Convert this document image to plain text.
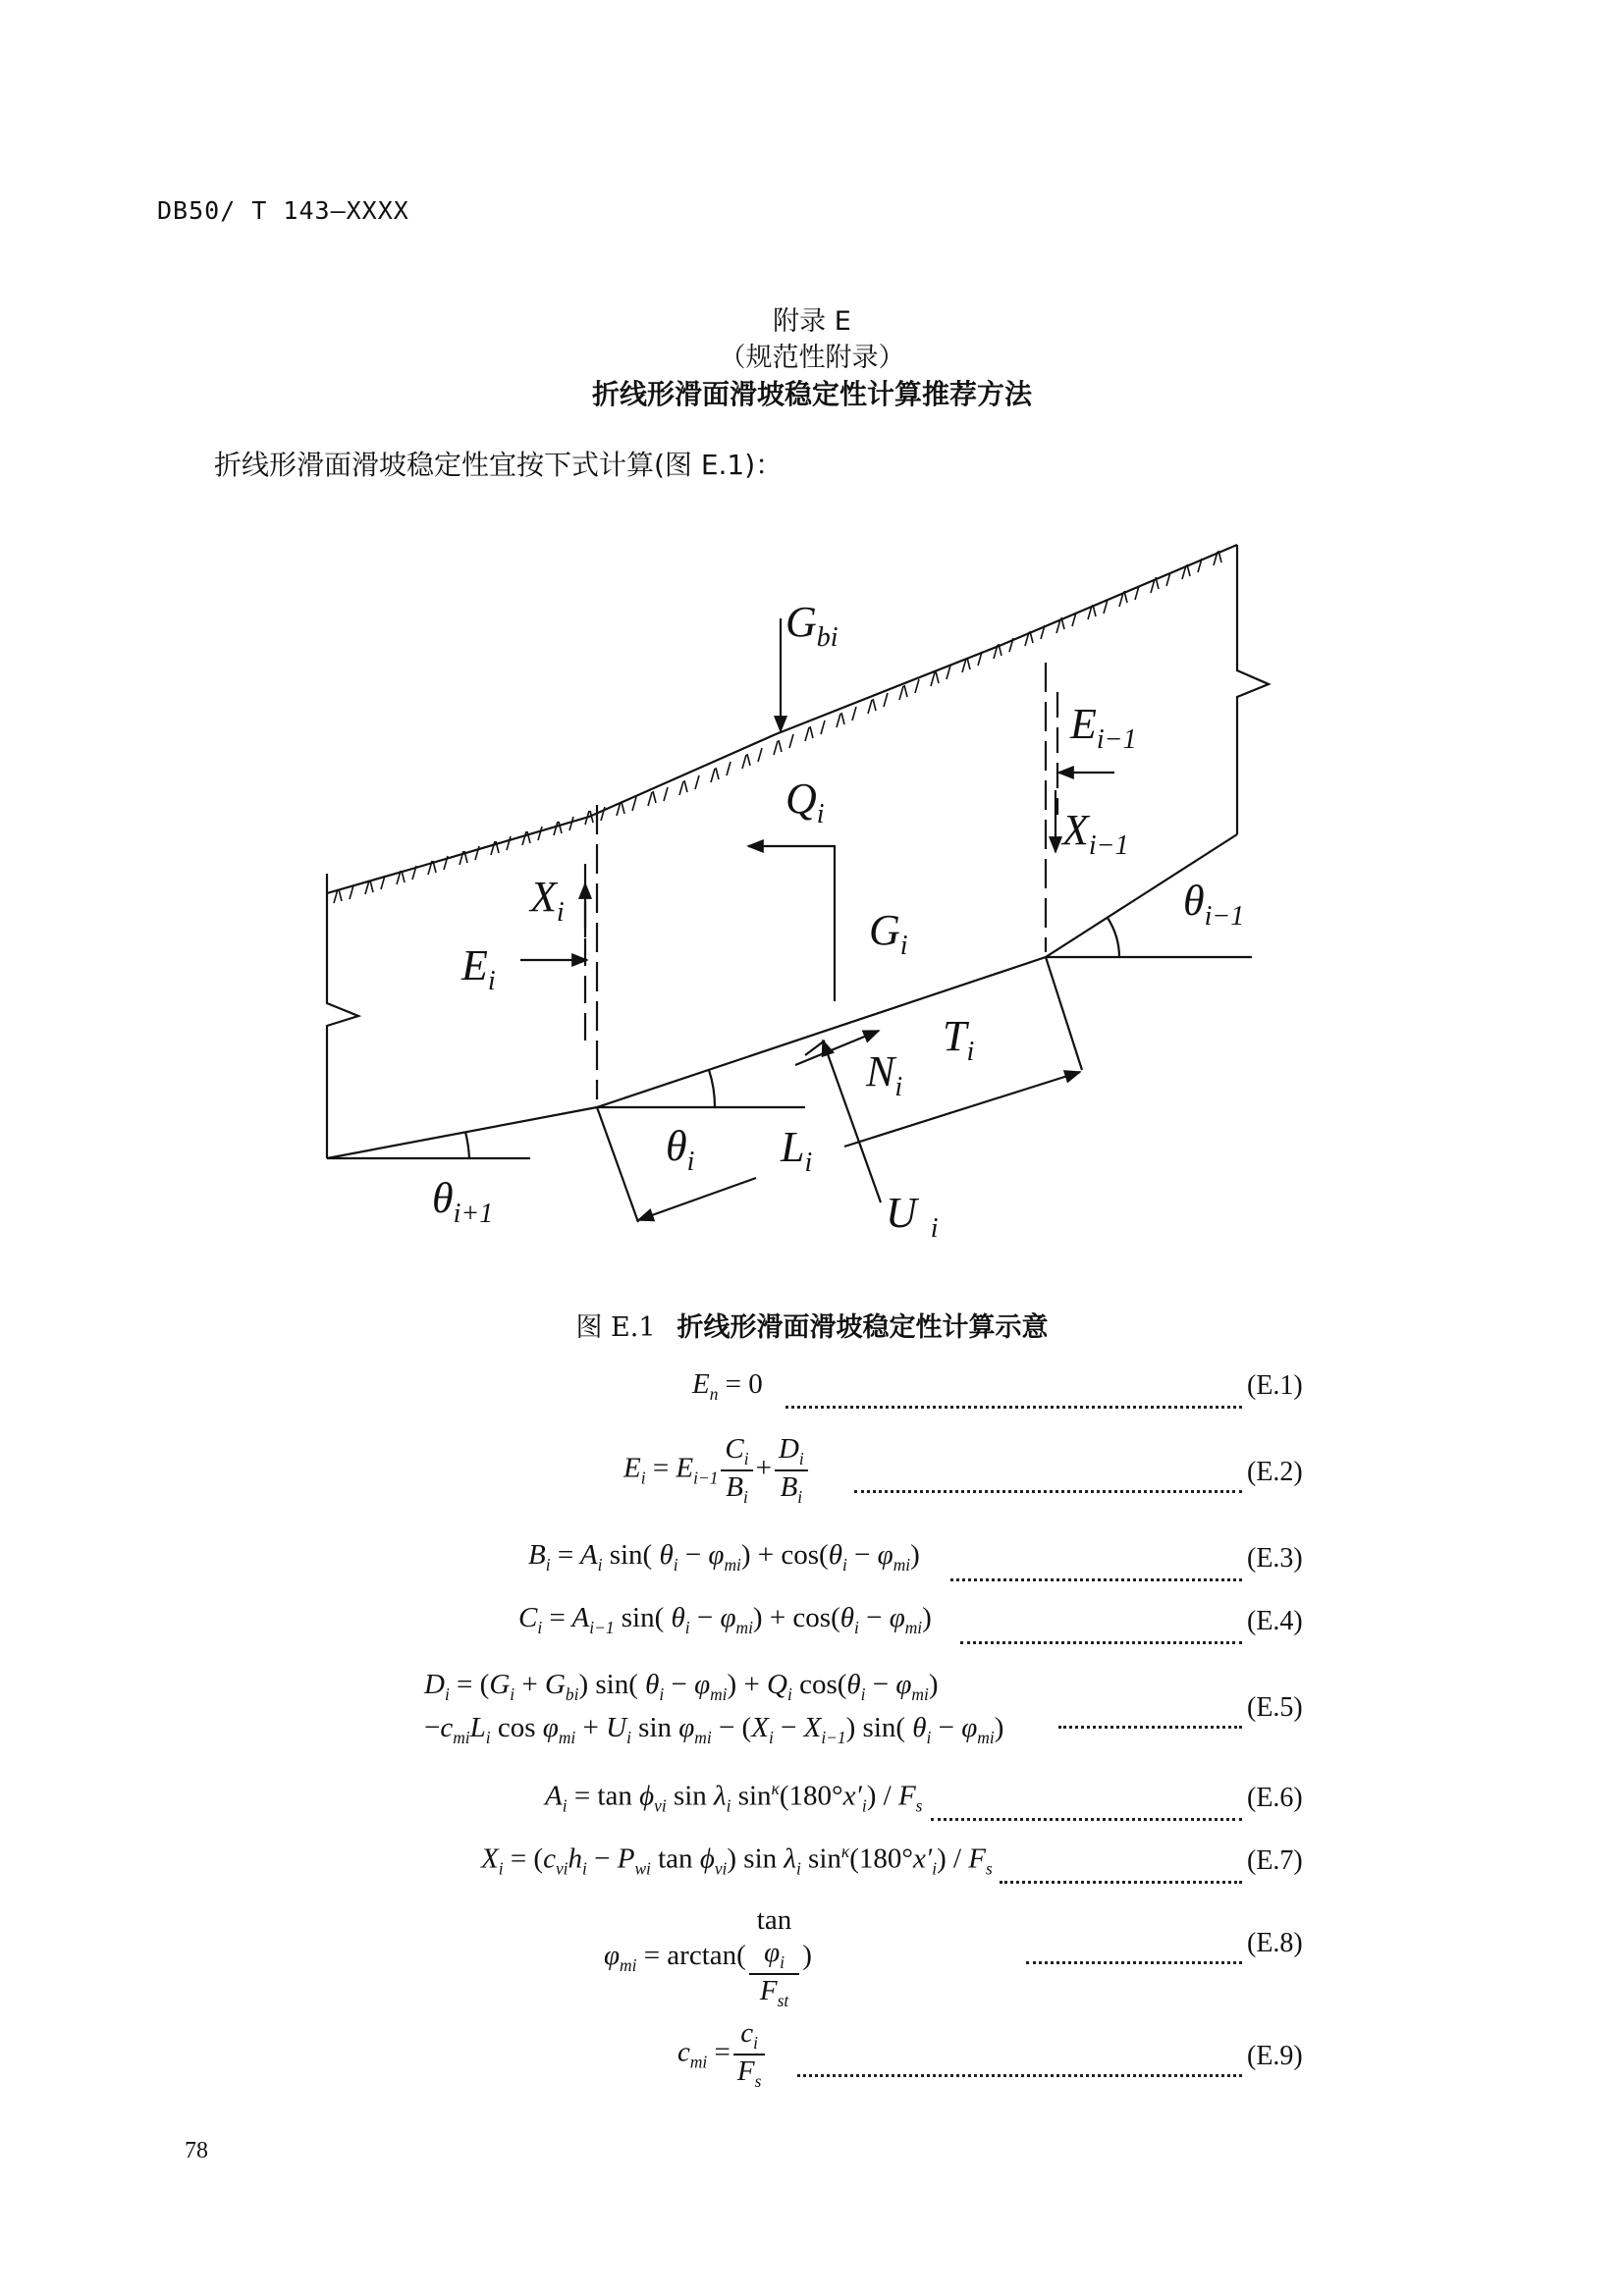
DB50/ T 143—XXXX
附录 E
（规范性附录）
折线形滑面滑坡稳定性计算推荐方法
折线形滑面滑坡稳定性宜按下式计算(图 E.1)：
$G_{bi}$
$E_{i-1}$
$Q_i$	$X_{i-1}$
$X_i$	$\theta_{i-1}$
$G_i$
$E_i$
$T_i$
$N_i$
$\theta_i$ $L_i$
$\theta_{i+1}$	U $_i$
图 E.1 折线形滑面滑坡稳定性计算示意
$E_n = 0$	(E.1)
$E_i = E_{i-1} \frac{C_i}{B_i} + \frac{D_i}{B_i}$	(E.2)
$B_i = A_i$ sin( $\theta_i - \varphi_{mi}) + \cos(\theta_i - \varphi_{mi})$	(E.3)
$C_i = A_{i-1}$ sin( $\theta_i - \varphi_{mi}) + \cos(\theta_i - \varphi_{mi})$	(E.4)
$D_i = (G_i + G_{bi})$ sin( $\theta_i - \varphi_{mi}) + Q_i$ $\cos(\theta_i - \varphi_{mi})$
$-c_{mi}L_i$ $\cos \varphi_{mi} + U_i$ $\sin \varphi_{mi} - (X_i - X_{i-1})$ sin( $\theta_i - \varphi_{mi}$)
(E.5)
$A_i = \tan \phi_{vi}$ $\sin \lambda_i$ $\sin^\kappa(180^\circ x'_i) / F_s$	(E.6)
$X_i = (c_{vi}h_i - P_{wi}$ $\tan \phi_{vi}$) $\sin \lambda_i$ $\sin^\kappa(180^\circ x'_i) / F_s$	(E.7)
$\varphi_{mi} = \arctan$( tan
$\varphi_i$
$F_{st}$ )	(E.8)
$c_{mi} = \frac{c_i}{F_s}$	(E.9)
78
